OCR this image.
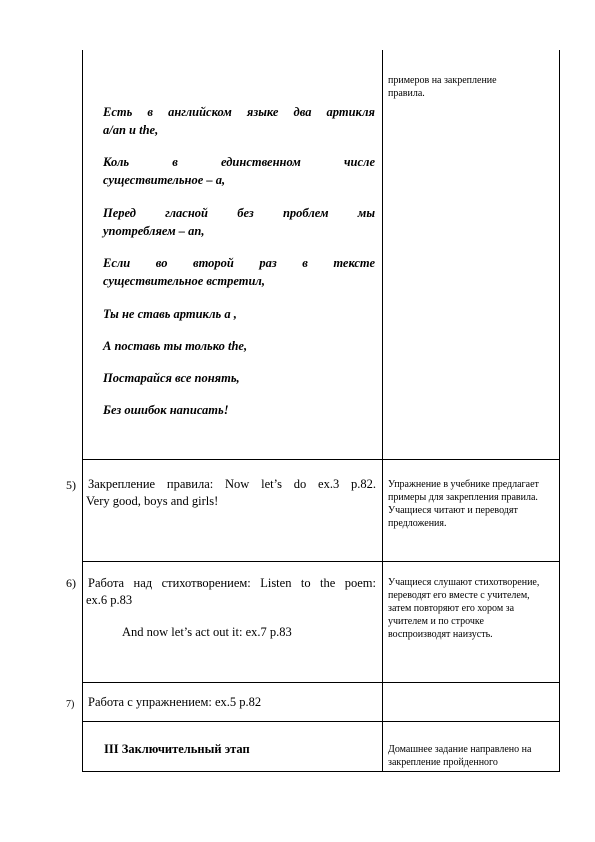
Есть в английском языке два артикля
a/an и the,
Коль в единственном числе
существительное – a,
Перед гласной без проблем мы
употребляем – an,
Если во второй раз в тексте
существительное встретил,
Ты не ставь артикль а ,
А поставь ты только the,
Постарайся все понять,
Без ошибок написать!
примеров на закрепление правила.
5) Закрепление правила: Now let’s do ex.3 p.82.
Very good, boys and girls!
Упражнение в учебнике предлагает примеры для закрепления правила. Учащиеся читают и переводят предложения.
6) Работа над стихотворением: Listen to the poem:
ex.6 p.83
And now let’s act out it: ex.7 p.83
Учащиеся слушают стихотворение, переводят его вместе с учителем, затем повторяют его хором за учителем и по строчке воспроизводят наизусть.
7) Работа с упражнением: ex.5 p.82
III Заключительный этап	Домашнее задание направлено на закрепление пройденного
